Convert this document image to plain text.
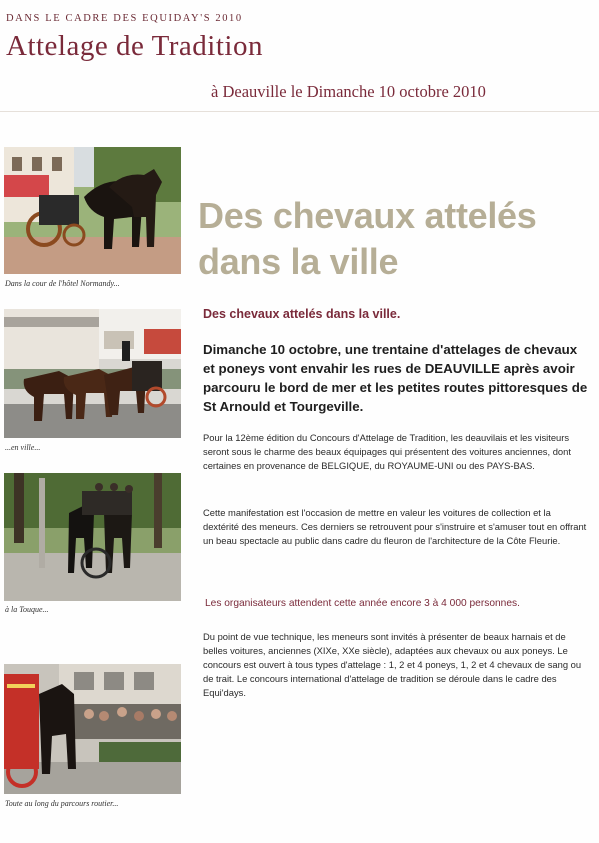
DANS LE CADRE DES EQUIDAY'S 2010
Attelage de Tradition
à Deauville le Dimanche 10 octobre 2010
Dans la cour de l'hôtel Normandy...
...en ville...
à la Touque...
Toute au long du parcours routier...
Des chevaux attelés
dans la ville
Des chevaux attelés dans la ville.
Dimanche 10 octobre, une trentaine d'attelages de chevaux et poneys vont envahir les rues de DEAUVILLE après avoir parcouru le bord de mer et les petites routes pittoresques de St Arnould et Tourgeville.
Pour la 12ème édition du Concours d'Attelage de Tradition, les deauvilais et les visiteurs seront sous le charme des beaux équipages qui présentent des voitures anciennes, dont certaines en provenance de BELGIQUE, du ROYAUME-UNI ou des PAYS-BAS.
Cette manifestation est l'occasion de mettre en valeur les voitures de collection et la dextérité des meneurs. Ces derniers se retrouvent pour s'instruire et s'amuser tout en offrant un beau spectacle au public dans cadre du fleuron de l'architecture de la Côte Fleurie.
Les organisateurs attendent cette année encore 3 à 4 000 personnes.
Du point de vue technique, les meneurs sont invités à présenter de beaux harnais et de belles voitures, anciennes (XIXe, XXe siècle), adaptées aux chevaux ou aux poneys. Le concours est ouvert à tous types d'attelage : 1, 2 et 4 poneys, 1, 2 et 4 chevaux de sang ou de trait. Le concours international d'attelage de tradition se déroule dans le cadre des Equi'days.
